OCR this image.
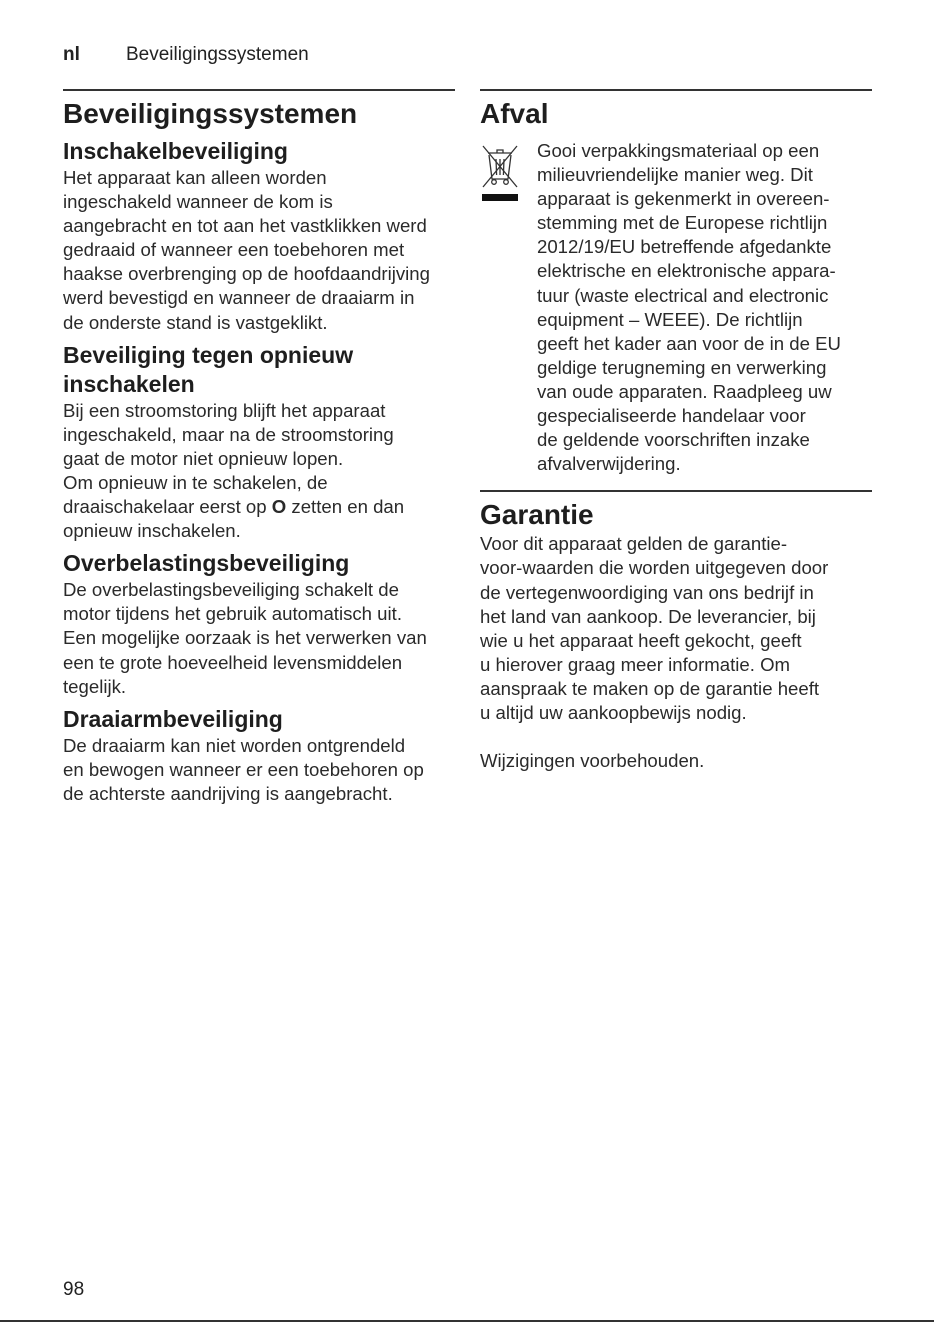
nl Beveiligingssystemen
Beveiligingssystemen
Inschakelbeveiliging

Het apparaat kan alleen worden
ingeschakeld wanneer de kom is
aangebracht en tot aan het vastklikken werd
gedraaid of wanneer een toebehoren met
haakse overbrenging op de hoofdaandrijving
werd bevestigd en wanneer de draaiarm in
de onderste stand is vastgeklikt.

Beveiliging tegen opnieuw
inschakelen

Bij een stroomstoring blijft het apparaat
ingeschakeld, maar na de stroomstoring
gaat de motor niet opnieuw lopen.
Om opnieuw in te schakelen, de
draaischakelaar eerst op O zetten en dan
opnieuw inschakelen.

Overbelastingsbeveiliging

De overbelastingsbeveiliging schakelt de
motor tijdens het gebruik automatisch uit.
Een mogelijke oorzaak is het verwerken van
een te grote hoeveelheid levensmiddelen
tegelijk.

Draaiarmbeveiliging

De draaiarm kan niet worden ontgrendeld
en bewogen wanneer er een toebehoren op
de achterste aandrijving is aangebracht.

Afval

Gooi verpakkingsmateriaal op een
milieuvriendelijke manier weg. Dit
apparaat is gekenmerkt in overeen-
stemming met de Europese richtlijn
2012/19/EU betreffende afgedankte
elektrische en elektronische appara-
tuur (waste electrical and electronic
equipment – WEEE). De richtlijn
geeft het kader aan voor de in de EU
geldige terugneming en verwerking
van oude apparaten. Raadpleeg uw
gespecialiseerde handelaar voor
de geldende voorschriften inzake
afvalverwijdering.

Garantie

Voor dit apparaat gelden de garantie-
voor-waarden die worden uitgegeven door
de vertegenwoordiging van ons bedrijf in
het land van aankoop. De leverancier, bij
wie u het apparaat heeft gekocht, geeft
u hierover graag meer informatie. Om
aanspraak te maken op de garantie heeft
u altijd uw aankoopbewijs nodig.

Wijzigingen voorbehouden.

98
